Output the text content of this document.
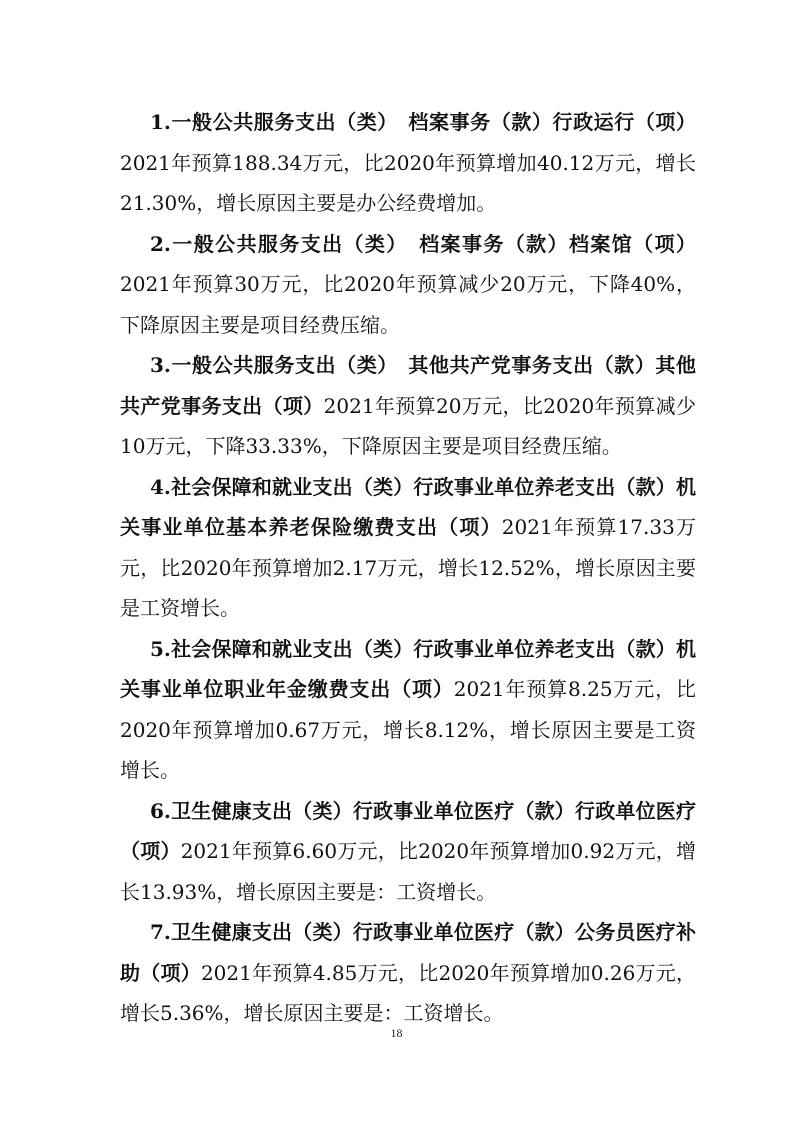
1.一般公共服务支出（类）　档案事务（款）行政运行（项）2021年预算188.34万元，比2020年预算增加40.12万元，增长21.30%，增长原因主要是办公经费增加。

2.一般公共服务支出（类）　档案事务（款）档案馆（项）2021年预算30万元，比2020年预算减少20万元，下降40%，下降原因主要是项目经费压缩。

3.一般公共服务支出（类）　其他共产党事务支出（款）其他共产党事务支出（项）2021年预算20万元，比2020年预算减少10万元，下降33.33%，下降原因主要是项目经费压缩。

4.社会保障和就业支出（类）行政事业单位养老支出（款）机关事业单位基本养老保险缴费支出（项）2021年预算17.33万元，比2020年预算增加2.17万元，增长12.52%，增长原因主要是工资增长。

5.社会保障和就业支出（类）行政事业单位养老支出（款）机关事业单位职业年金缴费支出（项）2021年预算8.25万元，比2020年预算增加0.67万元，增长8.12%，增长原因主要是工资增长。

6.卫生健康支出（类）行政事业单位医疗（款）行政单位医疗（项）2021年预算6.60万元，比2020年预算增加0.92万元，增长13.93%，增长原因主要是：工资增长。

7.卫生健康支出（类）行政事业单位医疗（款）公务员医疗补助（项）2021年预算4.85万元，比2020年预算增加0.26万元，增长5.36%，增长原因主要是：工资增长。

18
